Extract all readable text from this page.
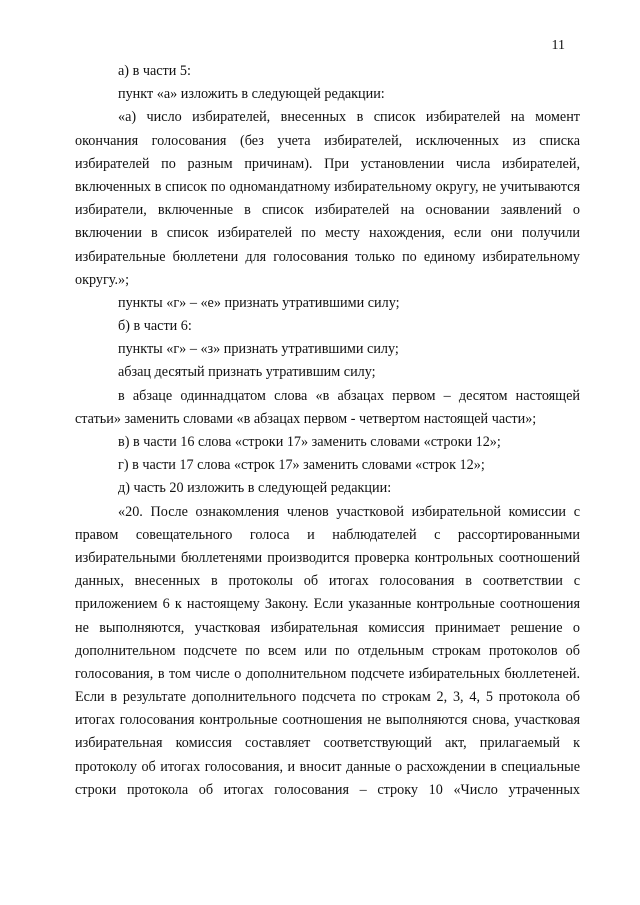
11
а) в части 5:
пункт «а» изложить в следующей редакции:
«а) число избирателей, внесенных в список избирателей на момент
окончания голосования (без учета избирателей, исключенных из списка
избирателей по разным причинам). При установлении числа избирателей,
включенных в список по одномандатному избирательному округу, не учитываются
избиратели, включенные в список избирателей на основании заявлений о
включении в список избирателей по месту нахождения, если они получили
избирательные бюллетени для голосования только по единому избирательному
округу.»;
пункты «г» – «е» признать утратившими силу;
б) в части 6:
пункты «г» – «з» признать утратившими силу;
абзац десятый признать утратившим силу;
в абзаце одиннадцатом слова «в абзацах первом – десятом настоящей
статьи» заменить словами «в абзацах первом - четвертом настоящей части»;
в) в части 16 слова «строки 17» заменить словами «строки 12»;
г) в части 17 слова «строк 17» заменить словами «строк 12»;
д) часть 20 изложить в следующей редакции:
«20. После ознакомления членов участковой избирательной комиссии с
правом совещательного голоса и наблюдателей с рассортированными
избирательными бюллетенями производится проверка контрольных соотношений
данных, внесенных в протоколы об итогах голосования в соответствии с
приложением 6 к настоящему Закону. Если указанные контрольные соотношения
не выполняются, участковая избирательная комиссия принимает решение о
дополнительном подсчете по всем или по отдельным строкам протоколов об
голосования, в том числе о дополнительном подсчете избирательных бюллетеней.
Если в результате дополнительного подсчета по строкам 2, 3, 4, 5 протокола об
итогах голосования контрольные соотношения не выполняются снова, участковая
избирательная комиссия составляет соответствующий акт, прилагаемый к
протоколу об итогах голосования, и вносит данные о расхождении в специальные
строки протокола об итогах голосования – строку 10 «Число утраченных
